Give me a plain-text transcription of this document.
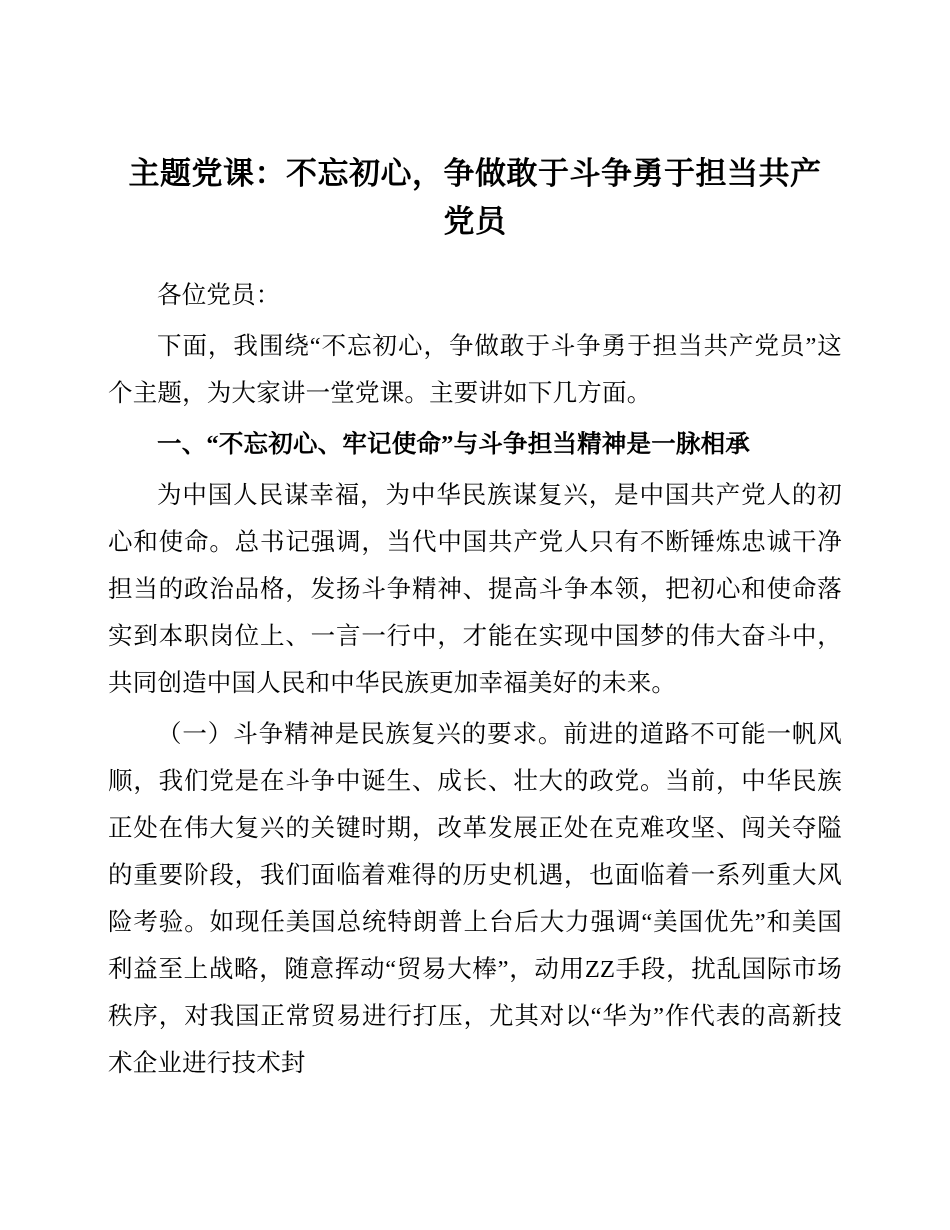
主题党课：不忘初心，争做敢于斗争勇于担当共产党员

各位党员：

下面，我围绕“不忘初心，争做敢于斗争勇于担当共产党员”这个主题，为大家讲一堂党课。主要讲如下几方面。

一、“不忘初心、牢记使命”与斗争担当精神是一脉相承

为中国人民谋幸福，为中华民族谋复兴，是中国共产党人的初心和使命。总书记强调，当代中国共产党人只有不断锤炼忠诚干净担当的政治品格，发扬斗争精神、提高斗争本领，把初心和使命落实到本职岗位上、一言一行中，才能在实现中国梦的伟大奋斗中，共同创造中国人民和中华民族更加幸福美好的未来。

（一）斗争精神是民族复兴的要求。前进的道路不可能一帆风顺，我们党是在斗争中诞生、成长、壮大的政党。当前，中华民族正处在伟大复兴的关键时期，改革发展正处在克难攻坚、闯关夺隘的重要阶段，我们面临着难得的历史机遇，也面临着一系列重大风险考验。如现任美国总统特朗普上台后大力强调“美国优先”和美国利益至上战略，随意挥动“贸易大棒”，动用ZZ手段，扰乱国际市场秩序，对我国正常贸易进行打压，尤其对以“华为”作代表的高新技术企业进行技术封
